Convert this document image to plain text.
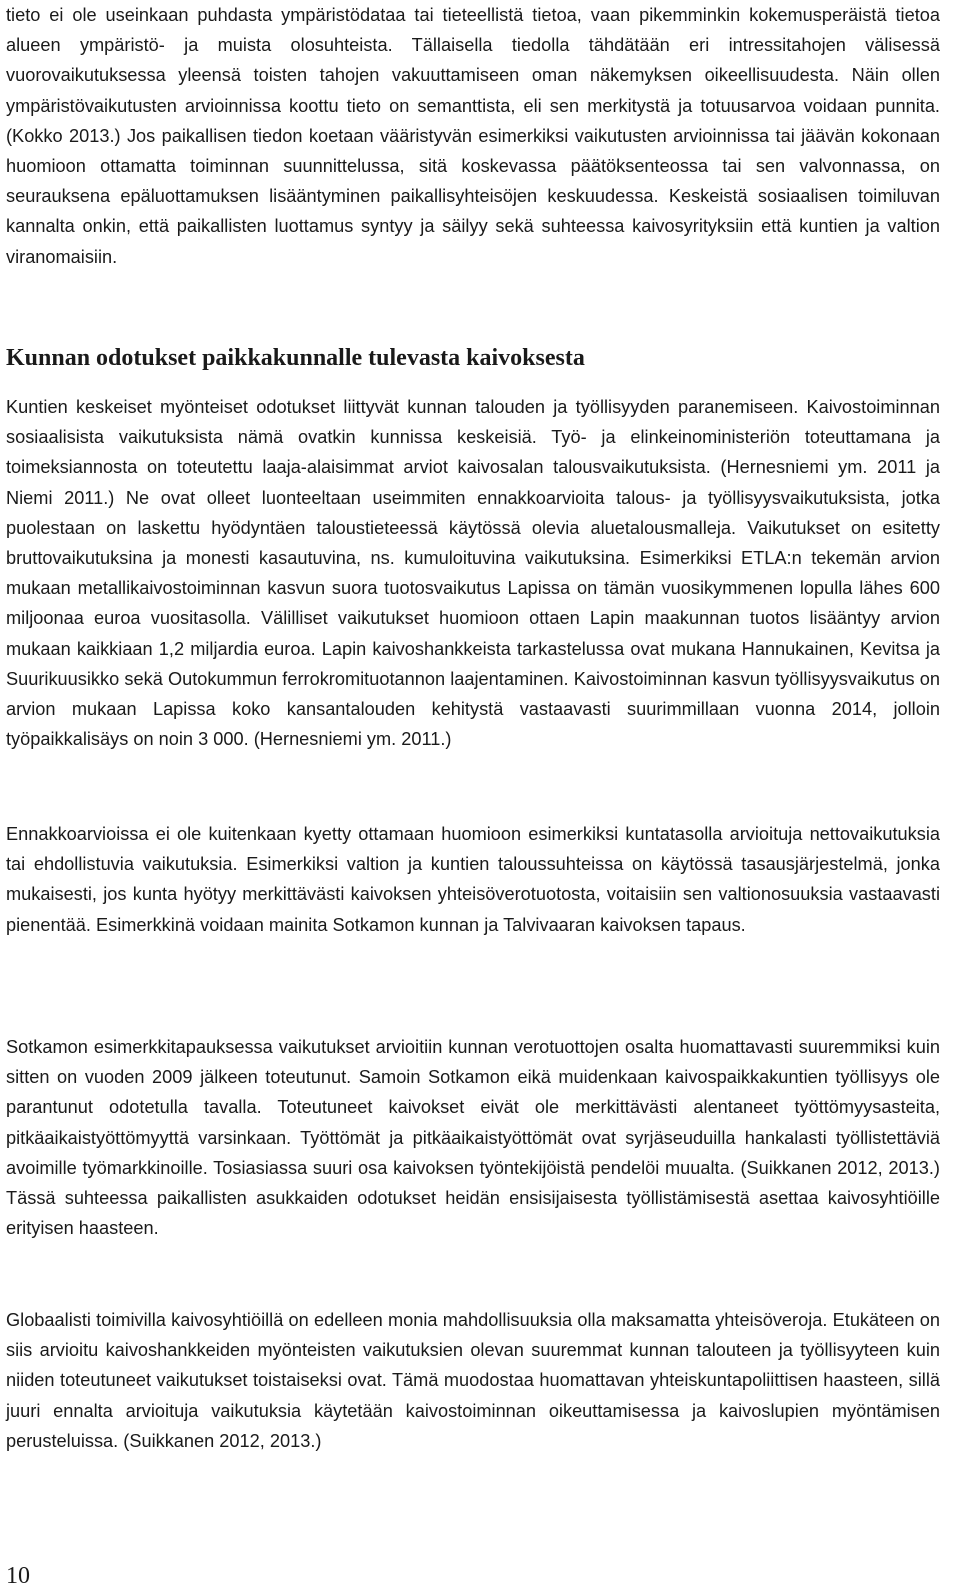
tieto ei ole useinkaan puhdasta ympäristödataa tai tieteellistä tietoa, vaan pikemminkin kokemusperäistä tietoa alueen ympäristö- ja muista olosuhteista. Tällaisella tiedolla tähdätään eri intressitahojen välisessä vuorovaikutuksessa yleensä toisten tahojen vakuuttamiseen oman näkemyksen oikeellisuudesta. Näin ollen ympäristövaikutusten arvioinnissa koottu tieto on semanttista, eli sen merkitystä ja totuusarvoa voidaan punnita. (Kokko 2013.) Jos paikallisen tiedon koetaan vääristyvän esimerkiksi vaikutusten arvioinnissa tai jäävän kokonaan huomioon ottamatta toiminnan suunnittelussa, sitä koskevassa päätöksenteossa tai sen valvonnassa, on seurauksena epäluottamuksen lisääntyminen paikallisyhteisöjen keskuudessa. Keskeistä sosiaalisen toimiluvan kannalta onkin, että paikallisten luottamus syntyy ja säilyy sekä suhteessa kaivosyrityksiin että kuntien ja valtion viranomaisiin.

Kunnan odotukset paikkakunnalle tulevasta kaivoksesta

Kuntien keskeiset myönteiset odotukset liittyvät kunnan talouden ja työllisyyden paranemiseen. Kaivostoiminnan sosiaalisista vaikutuksista nämä ovatkin kunnissa keskeisiä. Työ- ja elinkeinoministeriön toteuttamana ja toimeksiannosta on toteutettu laaja-alaisimmat arviot kaivosalan talousvaikutuksista. (Hernesniemi ym. 2011 ja Niemi 2011.) Ne ovat olleet luonteeltaan useimmiten ennakkoarvioita talous- ja työllisyysvaikutuksista, jotka puolestaan on laskettu hyödyntäen taloustieteessä käytössä olevia aluetalousmalleja. Vaikutukset on esitetty bruttovaikutuksina ja monesti kasautuvina, ns. kumuloituvina vaikutuksina. Esimerkiksi ETLA:n tekemän arvion mukaan metallikaivostoiminnan kasvun suora tuotosvaikutus Lapissa on tämän vuosikymmenen lopulla lähes 600 miljoonaa euroa vuositasolla. Välilliset vaikutukset huomioon ottaen Lapin maakunnan tuotos lisääntyy arvion mukaan kaikkiaan 1,2 miljardia euroa. Lapin kaivoshankkeista tarkastelussa ovat mukana Hannukainen, Kevitsa ja Suurikuusikko sekä Outokummun ferrokromituotannon laajentaminen. Kaivostoiminnan kasvun työllisyysvaikutus on arvion mukaan Lapissa koko kansantalouden kehitystä vastaavasti suurimmillaan vuonna 2014, jolloin työpaikkalisäys on noin 3 000. (Hernesniemi ym. 2011.)

Ennakkoarvioissa ei ole kuitenkaan kyetty ottamaan huomioon esimerkiksi kuntatasolla arvioituja nettovaikutuksia tai ehdollistuvia vaikutuksia. Esimerkiksi valtion ja kuntien taloussuhteissa on käytössä tasausjärjestelmä, jonka mukaisesti, jos kunta hyötyy merkittävästi kaivoksen yhteisöverotuotosta, voitaisiin sen valtionosuuksia vastaavasti pienentää. Esimerkkinä voidaan mainita Sotkamon kunnan ja Talvivaaran kaivoksen tapaus.

Sotkamon esimerkkitapauksessa vaikutukset arvioitiin kunnan verotuottojen osalta huomattavasti suuremmiksi kuin sitten on vuoden 2009 jälkeen toteutunut. Samoin Sotkamon eikä muidenkaan kaivospaikkakuntien työllisyys ole parantunut odotetulla tavalla. Toteutuneet kaivokset eivät ole merkittävästi alentaneet työttömyysasteita, pitkäaikaistyöttömyyttä varsinkaan. Työttömät ja pitkäaikaistyöttömät ovat syrjäseuduilla hankalasti työllistettäviä avoimille työmarkkinoille. Tosiasiassa suuri osa kaivoksen työntekijöistä pendelöi muualta. (Suikkanen 2012, 2013.) Tässä suhteessa paikallisten asukkaiden odotukset heidän ensisijaisesta työllistämisestä asettaa kaivosyhtiöille erityisen haasteen.

Globaalisti toimivilla kaivosyhtiöillä on edelleen monia mahdollisuuksia olla maksamatta yhteisöveroja. Etukäteen on siis arvioitu kaivoshankkeiden myönteisten vaikutuksien olevan suuremmat kunnan talouteen ja työllisyyteen kuin niiden toteutuneet vaikutukset toistaiseksi ovat. Tämä muodostaa huomattavan yhteiskuntapoliittisen haasteen, sillä juuri ennalta arvioituja vaikutuksia käytetään kaivostoiminnan oikeuttamisessa ja kaivoslupien myöntämisen perusteluissa. (Suikkanen 2012, 2013.)

10
